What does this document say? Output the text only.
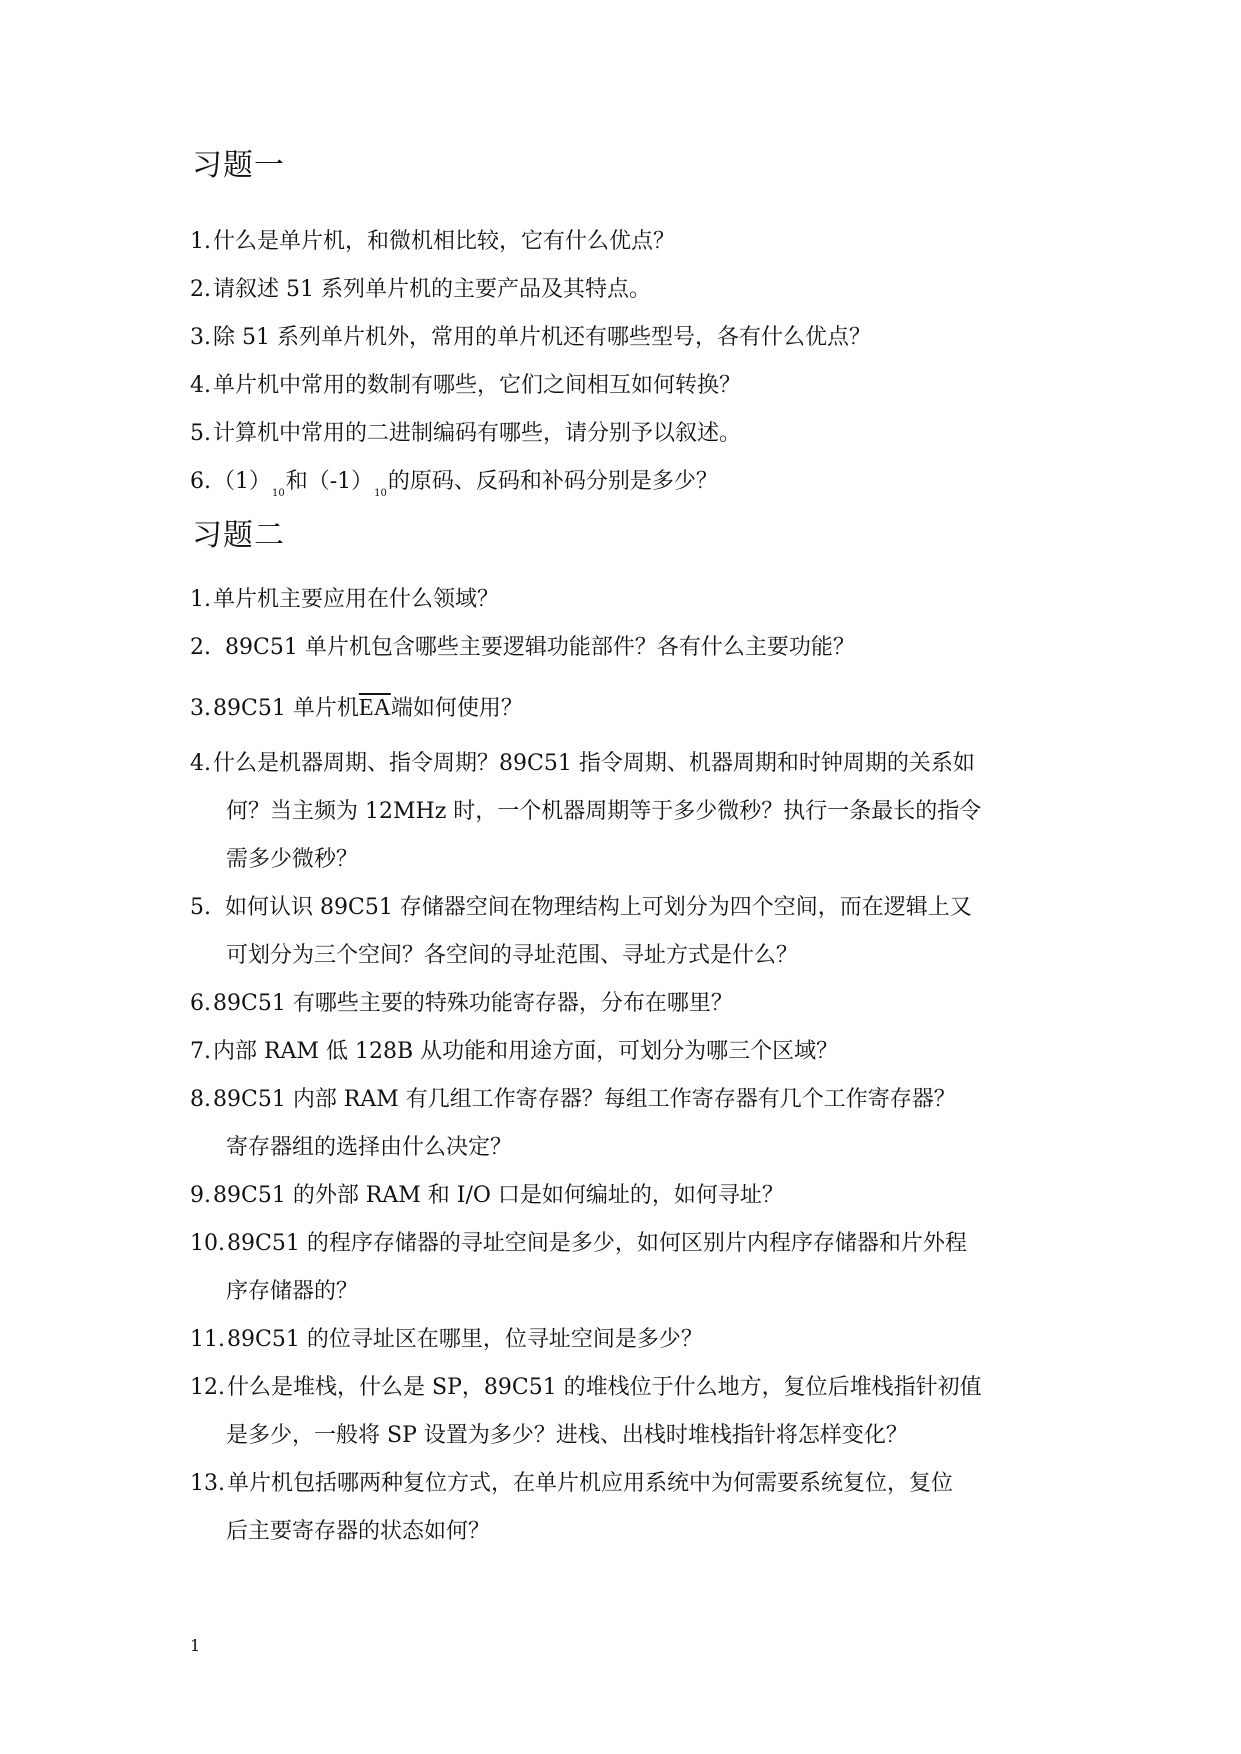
习题一

1.什么是单片机，和微机相比较，它有什么优点？

2.请叙述 51 系列单片机的主要产品及其特点。

3.除 51 系列单片机外，常用的单片机还有哪些型号，各有什么优点？

4.单片机中常用的数制有哪些，它们之间相互如何转换？

5.计算机中常用的二进制编码有哪些，请分别予以叙述。

$6.(1)_{10}$和$(-1)_{10}$的原码、反码和补码分别是多少？

习题二

1.单片机主要应用在什么领域？

2. 89C51 单片机包含哪些主要逻辑功能部件？各有什么主要功能？

3.89C51 单片机$\overline{EA}$端如何使用？

4.什么是机器周期、指令周期？89C51 指令周期、机器周期和时钟周期的关系如
何？当主频为 12MHz 时，一个机器周期等于多少微秒？执行一条最长的指令
需多少微秒？

5. 如何认识 89C51 存储器空间在物理结构上可划分为四个空间，而在逻辑上又
可划分为三个空间？各空间的寻址范围、寻址方式是什么？

6.89C51 有哪些主要的特殊功能寄存器，分布在哪里？

7.内部 RAM 低 128B 从功能和用途方面，可划分为哪三个区域？

8.89C51 内部 RAM 有几组工作寄存器？每组工作寄存器有几个工作寄存器？
寄存器组的选择由什么决定？

9.89C51 的外部 RAM 和 I/O 口是如何编址的，如何寻址？

10.89C51 的程序存储器的寻址空间是多少，如何区别片内程序存储器和片外程
序存储器的？

11.89C51 的位寻址区在哪里，位寻址空间是多少？

12.什么是堆栈，什么是 SP，89C51 的堆栈位于什么地方，复位后堆栈指针初值
是多少，一般将 SP 设置为多少？进栈、出栈时堆栈指针将怎样变化？

13.单片机包括哪两种复位方式，在单片机应用系统中为何需要系统复位，复位
后主要寄存器的状态如何？

1
